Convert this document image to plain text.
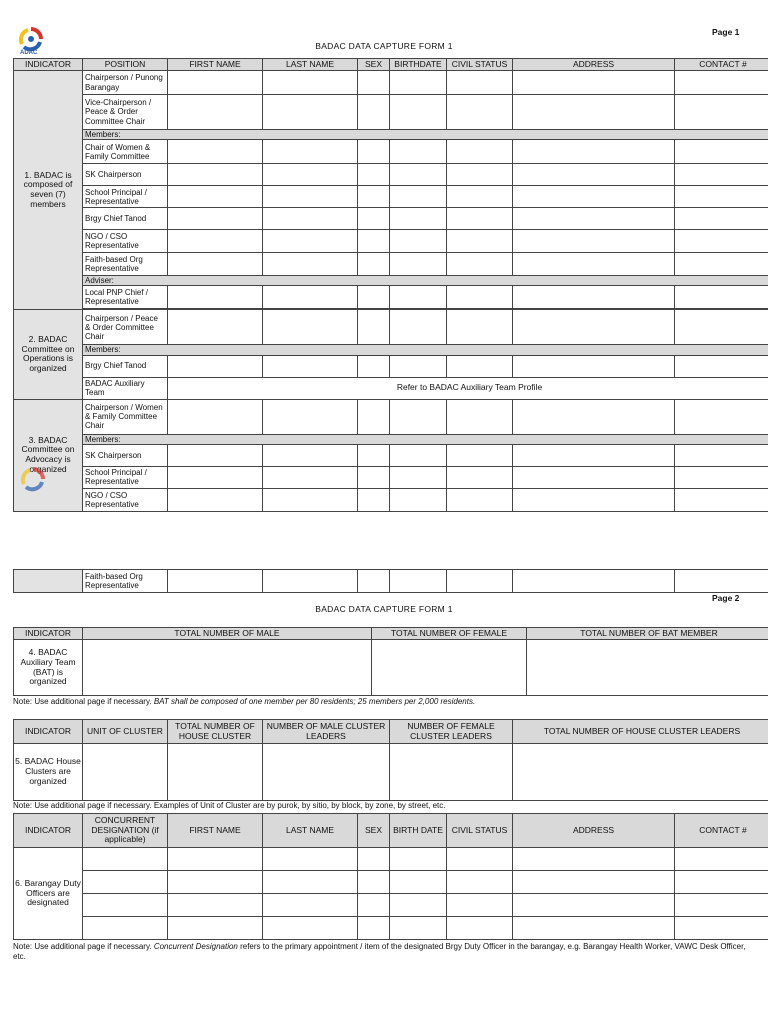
ADAC
Page 1
BADAC DATA CAPTURE FORM 1
INDICATOR	POSITION	FIRST NAME	LAST NAME	SEX	BIRTHDATE	CIVIL STATUS	ADDRESS	CONTACT #
1. BADAC is composed of seven (7) members	Chairperson / Punong Barangay							
	Vice-Chairperson / Peace & Order Committee Chair							
	Members:							
	Chair of Women & Family Committee							
	SK Chairperson							
	School Principal / Representative							
	Brgy Chief Tanod							
	NGO / CSO Representative							
	Faith-based Org Representative							
	Adviser:							
	Local PNP Chief / Representative							

2. BADAC Committee on Operations is organized	Chairperson / Peace & Order Committee Chair							
	Members:							
	Brgy Chief Tanod							
	BADAC Auxiliary Team	Refer to BADAC Auxiliary Team Profile						
3. BADAC Committee on Advocacy is organized	Chairperson / Women & Family Committee Chair							
	Members:							
	SK Chairperson							
	School Principal / Representative							
	NGO / CSO Representative							
	Faith-based Org Representative							
Page 2
BADAC DATA CAPTURE FORM 1
INDICATOR	TOTAL NUMBER OF MALE	TOTAL NUMBER OF FEMALE	TOTAL NUMBER OF BAT MEMBER
4. BADAC Auxiliary Team (BAT) is organized			
Note: Use additional page if necessary. BAT shall be composed of one member per 80 residents; 25 members per 2,000 residents.
INDICATOR	UNIT OF CLUSTER	TOTAL NUMBER OF HOUSE CLUSTER	NUMBER OF MALE CLUSTER LEADERS	NUMBER OF FEMALE CLUSTER LEADERS	TOTAL NUMBER OF HOUSE CLUSTER LEADERS
5. BADAC House Clusters are organized					
Note: Use additional page if necessary. Examples of Unit of Cluster are by purok, by sitio, by block, by zone, by street, etc.
INDICATOR	CONCURRENT DESIGNATION (if applicable)	FIRST NAME	LAST NAME	SEX	BIRTH DATE	CIVIL STATUS	ADDRESS	CONTACT #
6. Barangay Duty Officers are designated								

Note: Use additional page if necessary. Concurrent Designation refers to the primary appointment / item of the designated Brgy Duty Officer in the barangay, e.g. Barangay Health Worker, VAWC Desk Officer, etc.
